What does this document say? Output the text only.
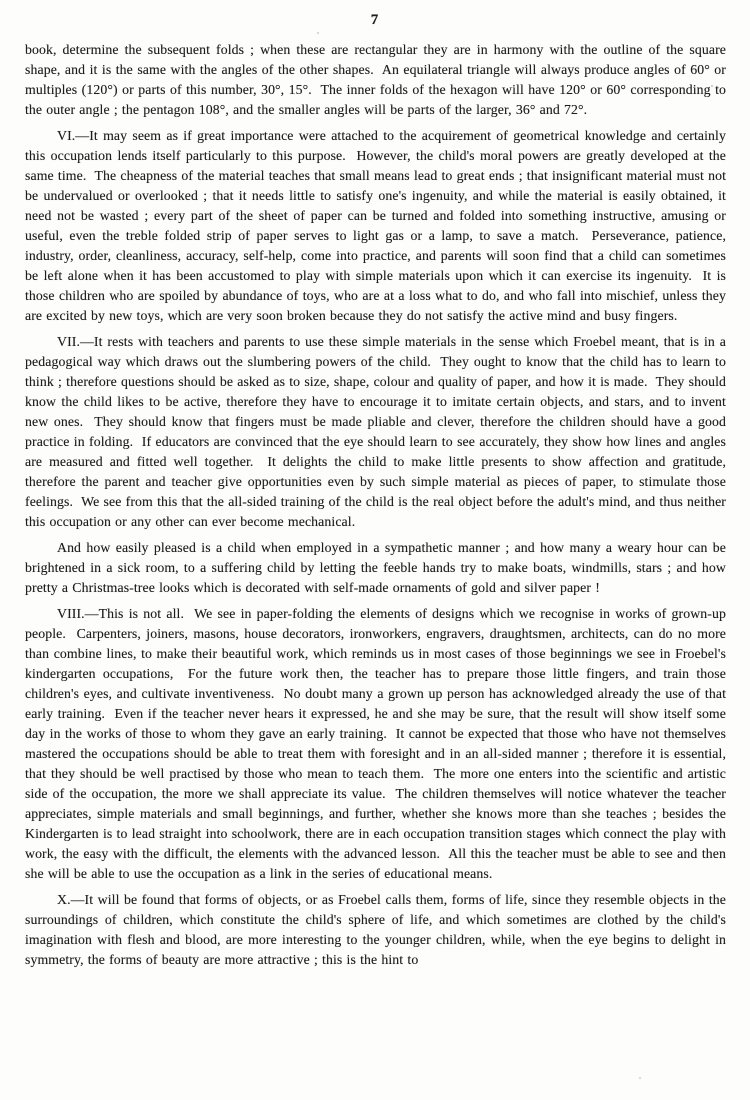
7

book, determine the subsequent folds ; when these are rectangular they are in harmony with the outline of the square shape, and it is the same with the angles of the other shapes.  An equilateral triangle will always produce angles of 60° or multiples (120°) or parts of this number, 30°, 15°.  The inner folds of the hexagon will have 120° or 60° corresponding to the outer angle ; the pentagon 108°, and the smaller angles will be parts of the larger, 36° and 72°.

VI.—It may seem as if great importance were attached to the acquirement of geometrical knowledge and certainly this occupation lends itself particularly to this purpose.  However, the child's moral powers are greatly developed at the same time.  The cheapness of the material teaches that small means lead to great ends ; that insignificant material must not be undervalued or overlooked ; that it needs little to satisfy one's ingenuity, and while the material is easily obtained, it need not be wasted ; every part of the sheet of paper can be turned and folded into something instructive, amusing or useful, even the treble folded strip of paper serves to light gas or a lamp, to save a match.  Perseverance, patience, industry, order, cleanliness, accuracy, self-help, come into practice, and parents will soon find that a child can sometimes be left alone when it has been accustomed to play with simple materials upon which it can exercise its ingenuity.  It is those children who are spoiled by abundance of toys, who are at a loss what to do, and who fall into mischief, unless they are excited by new toys, which are very soon broken because they do not satisfy the active mind and busy fingers.

VII.—It rests with teachers and parents to use these simple materials in the sense which Froebel meant, that is in a pedagogical way which draws out the slumbering powers of the child.  They ought to know that the child has to learn to think ; therefore questions should be asked as to size, shape, colour and quality of paper, and how it is made.  They should know the child likes to be active, therefore they have to encourage it to imitate certain objects, and stars, and to invent new ones.  They should know that fingers must be made pliable and clever, therefore the children should have a good practice in folding.  If educators are convinced that the eye should learn to see accurately, they show how lines and angles are measured and fitted well together.  It delights the child to make little presents to show affection and gratitude, therefore the parent and teacher give opportunities even by such simple material as pieces of paper, to stimulate those feelings.  We see from this that the all-sided training of the child is the real object before the adult's mind, and thus neither this occupation or any other can ever become mechanical.

And how easily pleased is a child when employed in a sympathetic manner ; and how many a weary hour can be brightened in a sick room, to a suffering child by letting the feeble hands try to make boats, windmills, stars ; and how pretty a Christmas-tree looks which is decorated with self-made ornaments of gold and silver paper !

VIII.—This is not all.  We see in paper-folding the elements of designs which we recognise in works of grown-up people.  Carpenters, joiners, masons, house decorators, ironworkers, engravers, draughtsmen, architects, can do no more than combine lines, to make their beautiful work, which reminds us in most cases of those beginnings we see in Froebel's kindergarten occupations,  For the future work then, the teacher has to prepare those little fingers, and train those children's eyes, and cultivate inventiveness.  No doubt many a grown up person has acknowledged already the use of that early training.  Even if the teacher never hears it expressed, he and she may be sure, that the result will show itself some day in the works of those to whom they gave an early training.  It cannot be expected that those who have not themselves mastered the occupations should be able to treat them with foresight and in an all-sided manner ; therefore it is essential, that they should be well practised by those who mean to teach them.  The more one enters into the scientific and artistic side of the occupation, the more we shall appreciate its value.  The children themselves will notice whatever the teacher appreciates, simple materials and small beginnings, and further, whether she knows more than she teaches ; besides the Kindergarten is to lead straight into schoolwork, there are in each occupation transition stages which connect the play with work, the easy with the difficult, the elements with the advanced lesson.  All this the teacher must be able to see and then she will be able to use the occupation as a link in the series of educational means.

X.—It will be found that forms of objects, or as Froebel calls them, forms of life, since they resemble objects in the surroundings of children, which constitute the child's sphere of life, and which sometimes are clothed by the child's imagination with flesh and blood, are more interesting to the younger children, while, when the eye begins to delight in symmetry, the forms of beauty are more attractive ; this is the hint to
